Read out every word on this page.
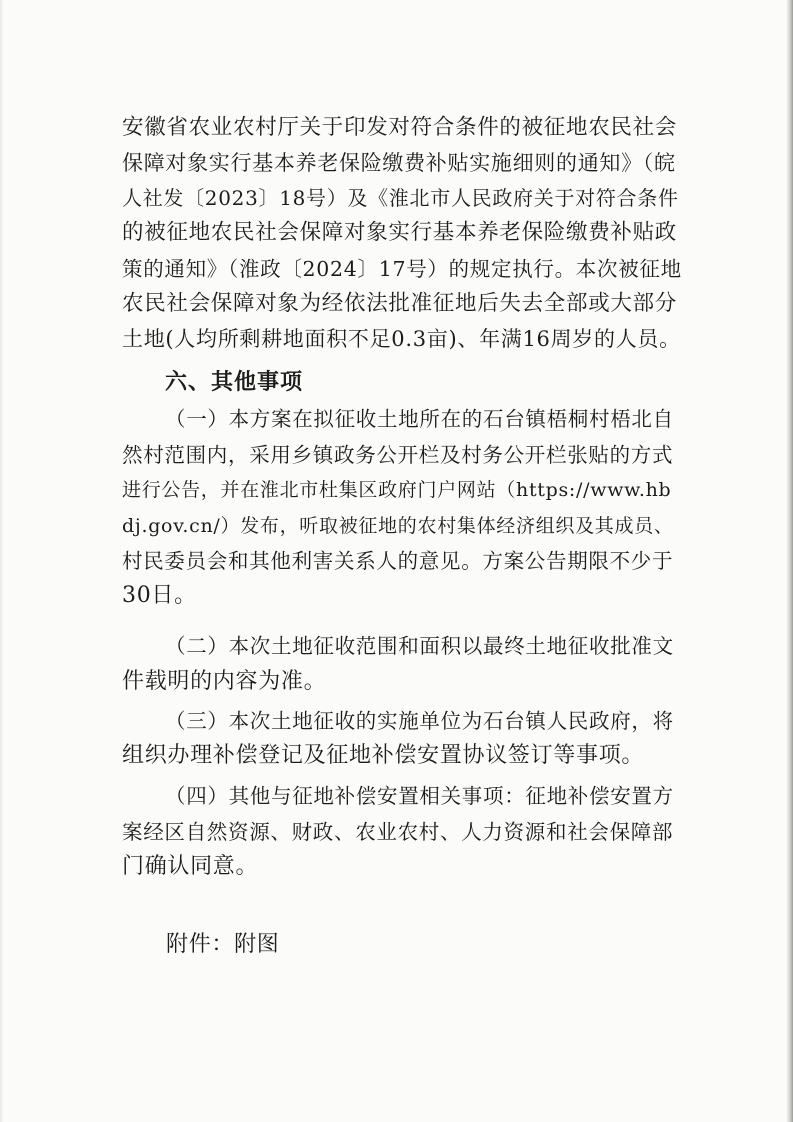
安徽省农业农村厅关于印发对符合条件的被征地农民社会
保障对象实行基本养老保险缴费补贴实施细则的通知》（皖
人社发〔2023〕18号）及《淮北市人民政府关于对符合条件
的被征地农民社会保障对象实行基本养老保险缴费补贴政
策的通知》（淮政〔2024〕17号）的规定执行。本次被征地
农民社会保障对象为经依法批准征地后失去全部或大部分
土地(人均所剩耕地面积不足0.3亩)、年满16周岁的人员。
六、其他事项
（一）本方案在拟征收土地所在的石台镇梧桐村梧北自
然村范围内，采用乡镇政务公开栏及村务公开栏张贴的方式
进行公告，并在淮北市杜集区政府门户网站（https://www.hb
dj.gov.cn/）发布，听取被征地的农村集体经济组织及其成员、
村民委员会和其他利害关系人的意见。方案公告期限不少于
30日。
（二）本次土地征收范围和面积以最终土地征收批准文
件载明的内容为准。
（三）本次土地征收的实施单位为石台镇人民政府，将
组织办理补偿登记及征地补偿安置协议签订等事项。
（四）其他与征地补偿安置相关事项：征地补偿安置方
案经区自然资源、财政、农业农村、人力资源和社会保障部
门确认同意。
附件：附图
